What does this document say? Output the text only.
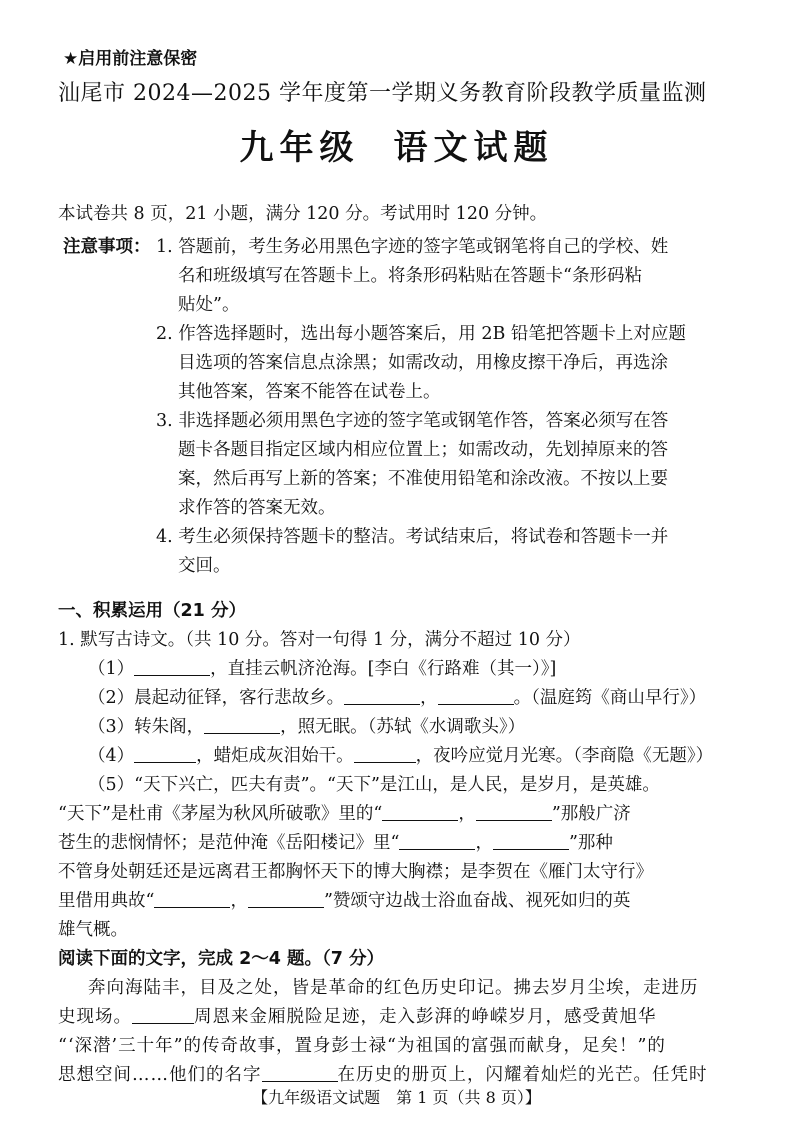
★启用前注意保密
汕尾市 2024—2025 学年度第一学期义务教育阶段教学质量监测
九年级 语文试题
本试卷共 8 页，21 小题，满分 120 分。考试用时 120 分钟。
注意事项： 1. 答题前，考生务必用黑色字迹的签字笔或钢笔将自己的学校、姓
名和班级填写在答题卡上。将条形码粘贴在答题卡“条形码粘
贴处”。
2. 作答选择题时，选出每小题答案后，用 2B 铅笔把答题卡上对应题
目选项的答案信息点涂黑；如需改动，用橡皮擦干净后，再选涂
其他答案，答案不能答在试卷上。
3. 非选择题必须用黑色字迹的签字笔或钢笔作答，答案必须写在答
题卡各题目指定区域内相应位置上；如需改动，先划掉原来的答
案，然后再写上新的答案；不准使用铅笔和涂改液。不按以上要
求作答的答案无效。
4. 考生必须保持答题卡的整洁。考试结束后，将试卷和答题卡一并
交回。
一、积累运用（21 分）
1. 默写古诗文。（共 10 分。答对一句得 1 分，满分不超过 10 分）
（1）	，直挂云帆济沧海。[李白《行路难（其一）》]
（2）晨起动征铎，客行悲故乡。	，	。（温庭筠《商山早行》）
（3）转朱阁，	，照无眠。（苏轼《水调歌头》）
（4）	，蜡炬成灰泪始干。	，夜吟应觉月光寒。（李商隐《无题》）
（5）“天下兴亡，匹夫有责”。“天下”是江山，是人民，是岁月，是英雄。
“天下”是杜甫《茅屋为秋风所破歌》里的“	，	”那般广济
苍生的悲悯情怀；是范仲淹《岳阳楼记》里“	，	”那种
不管身处朝廷还是远离君王都胸怀天下的博大胸襟；是李贺在《雁门太守行》
里借用典故“	，	”赞颂守边战士浴血奋战、视死如归的英
雄气概。
阅读下面的文字，完成 2～4 题。（7 分）
奔向海陆丰，目及之处，皆是革命的红色历史印记。拂去岁月尘埃，走进历
史现场。	周恩来金厢脱险足迹，走入彭湃的峥嵘岁月，感受黄旭华
“‘深潜’三十年”的传奇故事，置身彭士禄“为祖国的富强而献身，足矣！”的
思想空间……他们的名字	在历史的册页上，闪耀着灿烂的光芒。任凭时
【九年级语文试题　第 1 页（共 8 页）】
